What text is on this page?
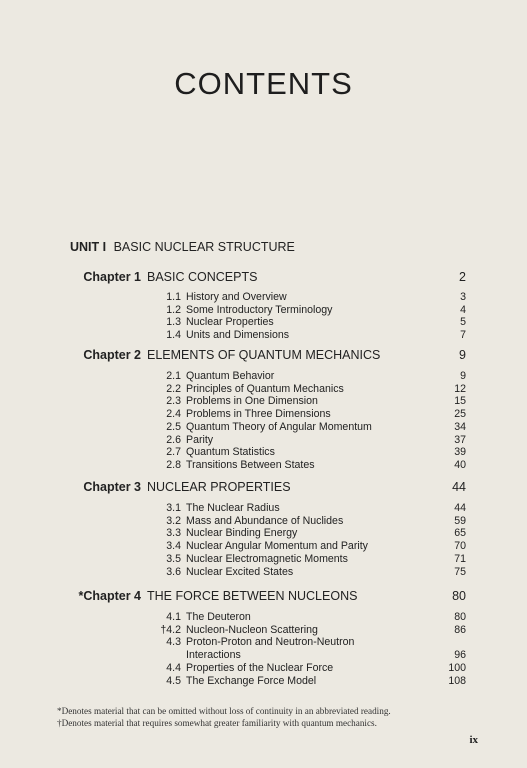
CONTENTS
UNIT I BASIC NUCLEAR STRUCTURE
Chapter 1 BASIC CONCEPTS	2
1.1 History and Overview	3
1.2 Some Introductory Terminology	4
1.3 Nuclear Properties	5
1.4 Units and Dimensions	7
Chapter 2 ELEMENTS OF QUANTUM MECHANICS	9
2.1 Quantum Behavior	9
2.2 Principles of Quantum Mechanics	12
2.3 Problems in One Dimension	15
2.4 Problems in Three Dimensions	25
2.5 Quantum Theory of Angular Momentum	34
2.6 Parity	37
2.7 Quantum Statistics	39
2.8 Transitions Between States	40
Chapter 3 NUCLEAR PROPERTIES	44
3.1 The Nuclear Radius	44
3.2 Mass and Abundance of Nuclides	59
3.3 Nuclear Binding Energy	65
3.4 Nuclear Angular Momentum and Parity	70
3.5 Nuclear Electromagnetic Moments	71
3.6 Nuclear Excited States	75
*Chapter 4 THE FORCE BETWEEN NUCLEONS	80
4.1 The Deuteron	80
†4.2 Nucleon-Nucleon Scattering	86
4.3 Proton-Proton and Neutron-Neutron
Interactions	96
4.4 Properties of the Nuclear Force	100
4.5 The Exchange Force Model	108
*Denotes material that can be omitted without loss of continuity in an abbreviated reading.
†Denotes material that requires somewhat greater familiarity with quantum mechanics.
ix
